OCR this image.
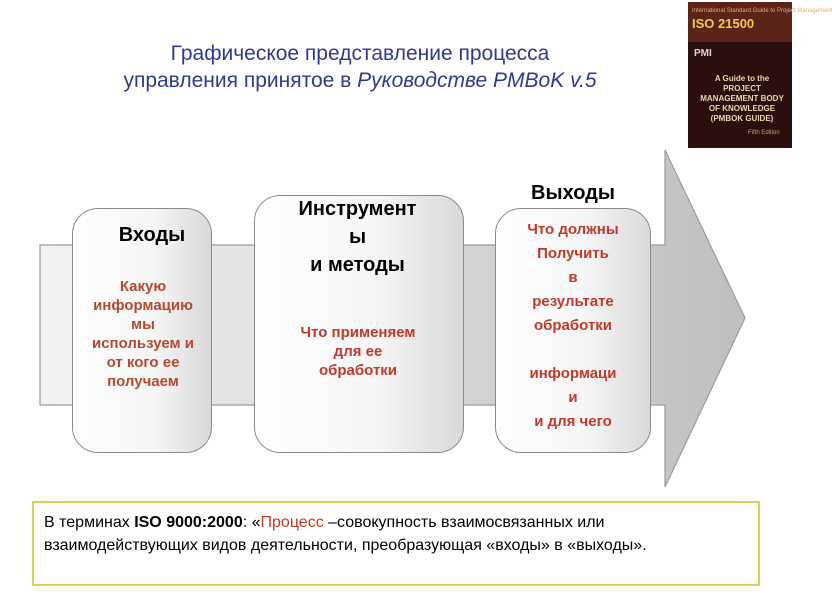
Графическое представление процесса
управления принятое в Руководстве PMBoK v.5
International Standard Guide to Project Management
ISO 21500
PMI
A Guide to the PROJECT MANAGEMENT BODY OF KNOWLEDGE (PMBOK GUIDE)
Fifth Edition
Входы
Инструмент
ы
и методы
Выходы
Какую
информацию
мы
используем и
от кого ее
получаем
Что применяем
для ее
обработки
Что должны
Получить
в
результате
обработки

информаци
и
и для чего
В терминах ISO 9000:2000: «Процесс –совокупность взаимосвязанных или взаимодействующих видов деятельности, преобразующая «входы» в «выходы».
